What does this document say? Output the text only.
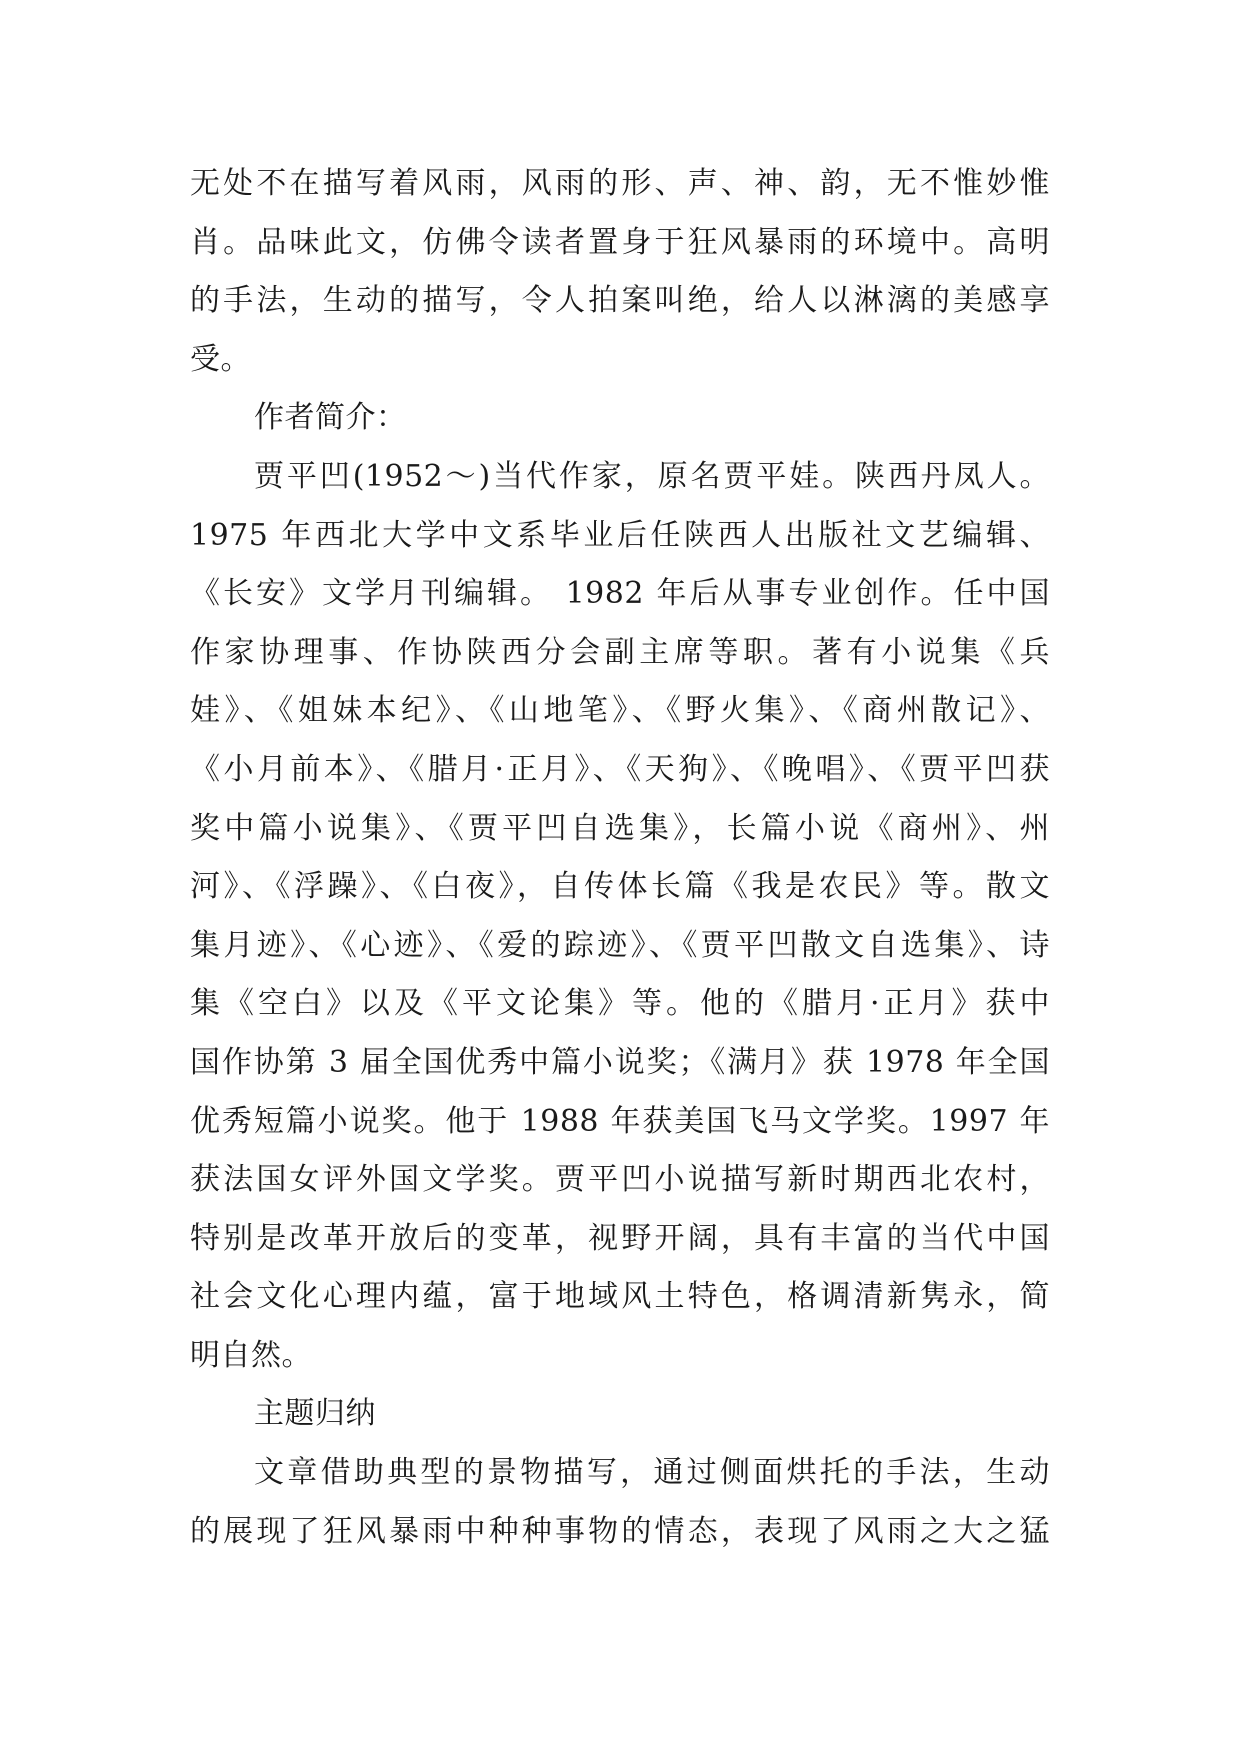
无处不在描写着风雨，风雨的形、声、神、韵，无不惟妙惟
肖。品味此文，仿佛令读者置身于狂风暴雨的环境中。高明
的手法，生动的描写，令人拍案叫绝，给人以淋漓的美感享
受。
作者简介：
贾平凹(1952～)当代作家，原名贾平娃。陕西丹凤人。
1975 年西北大学中文系毕业后任陕西人出版社文艺编辑、
《长安》文学月刊编辑。 1982 年后从事专业创作。任中国
作家协理事、作协陕西分会副主席等职。著有小说集《兵
娃》、《姐妹本纪》、《山地笔》、《野火集》、《商州散记》、
《小月前本》、《腊月·正月》、《天狗》、《晚唱》、《贾平凹获
奖中篇小说集》、《贾平凹自选集》，长篇小说《商州》、州
河》、《浮躁》、《白夜》，自传体长篇《我是农民》等。散文
集月迹》、《心迹》、《爱的踪迹》、《贾平凹散文自选集》、诗
集《空白》以及《平文论集》等。他的《腊月·正月》获中
国作协第 3 届全国优秀中篇小说奖；《满月》获 1978 年全国
优秀短篇小说奖。他于 1988 年获美国飞马文学奖。1997 年
获法国女评外国文学奖。贾平凹小说描写新时期西北农村，
特别是改革开放后的变革，视野开阔，具有丰富的当代中国
社会文化心理内蕴，富于地域风土特色，格调清新隽永，简
明自然。
主题归纳
文章借助典型的景物描写，通过侧面烘托的手法，生动
的展现了狂风暴雨中种种事物的情态，表现了风雨之大之猛
